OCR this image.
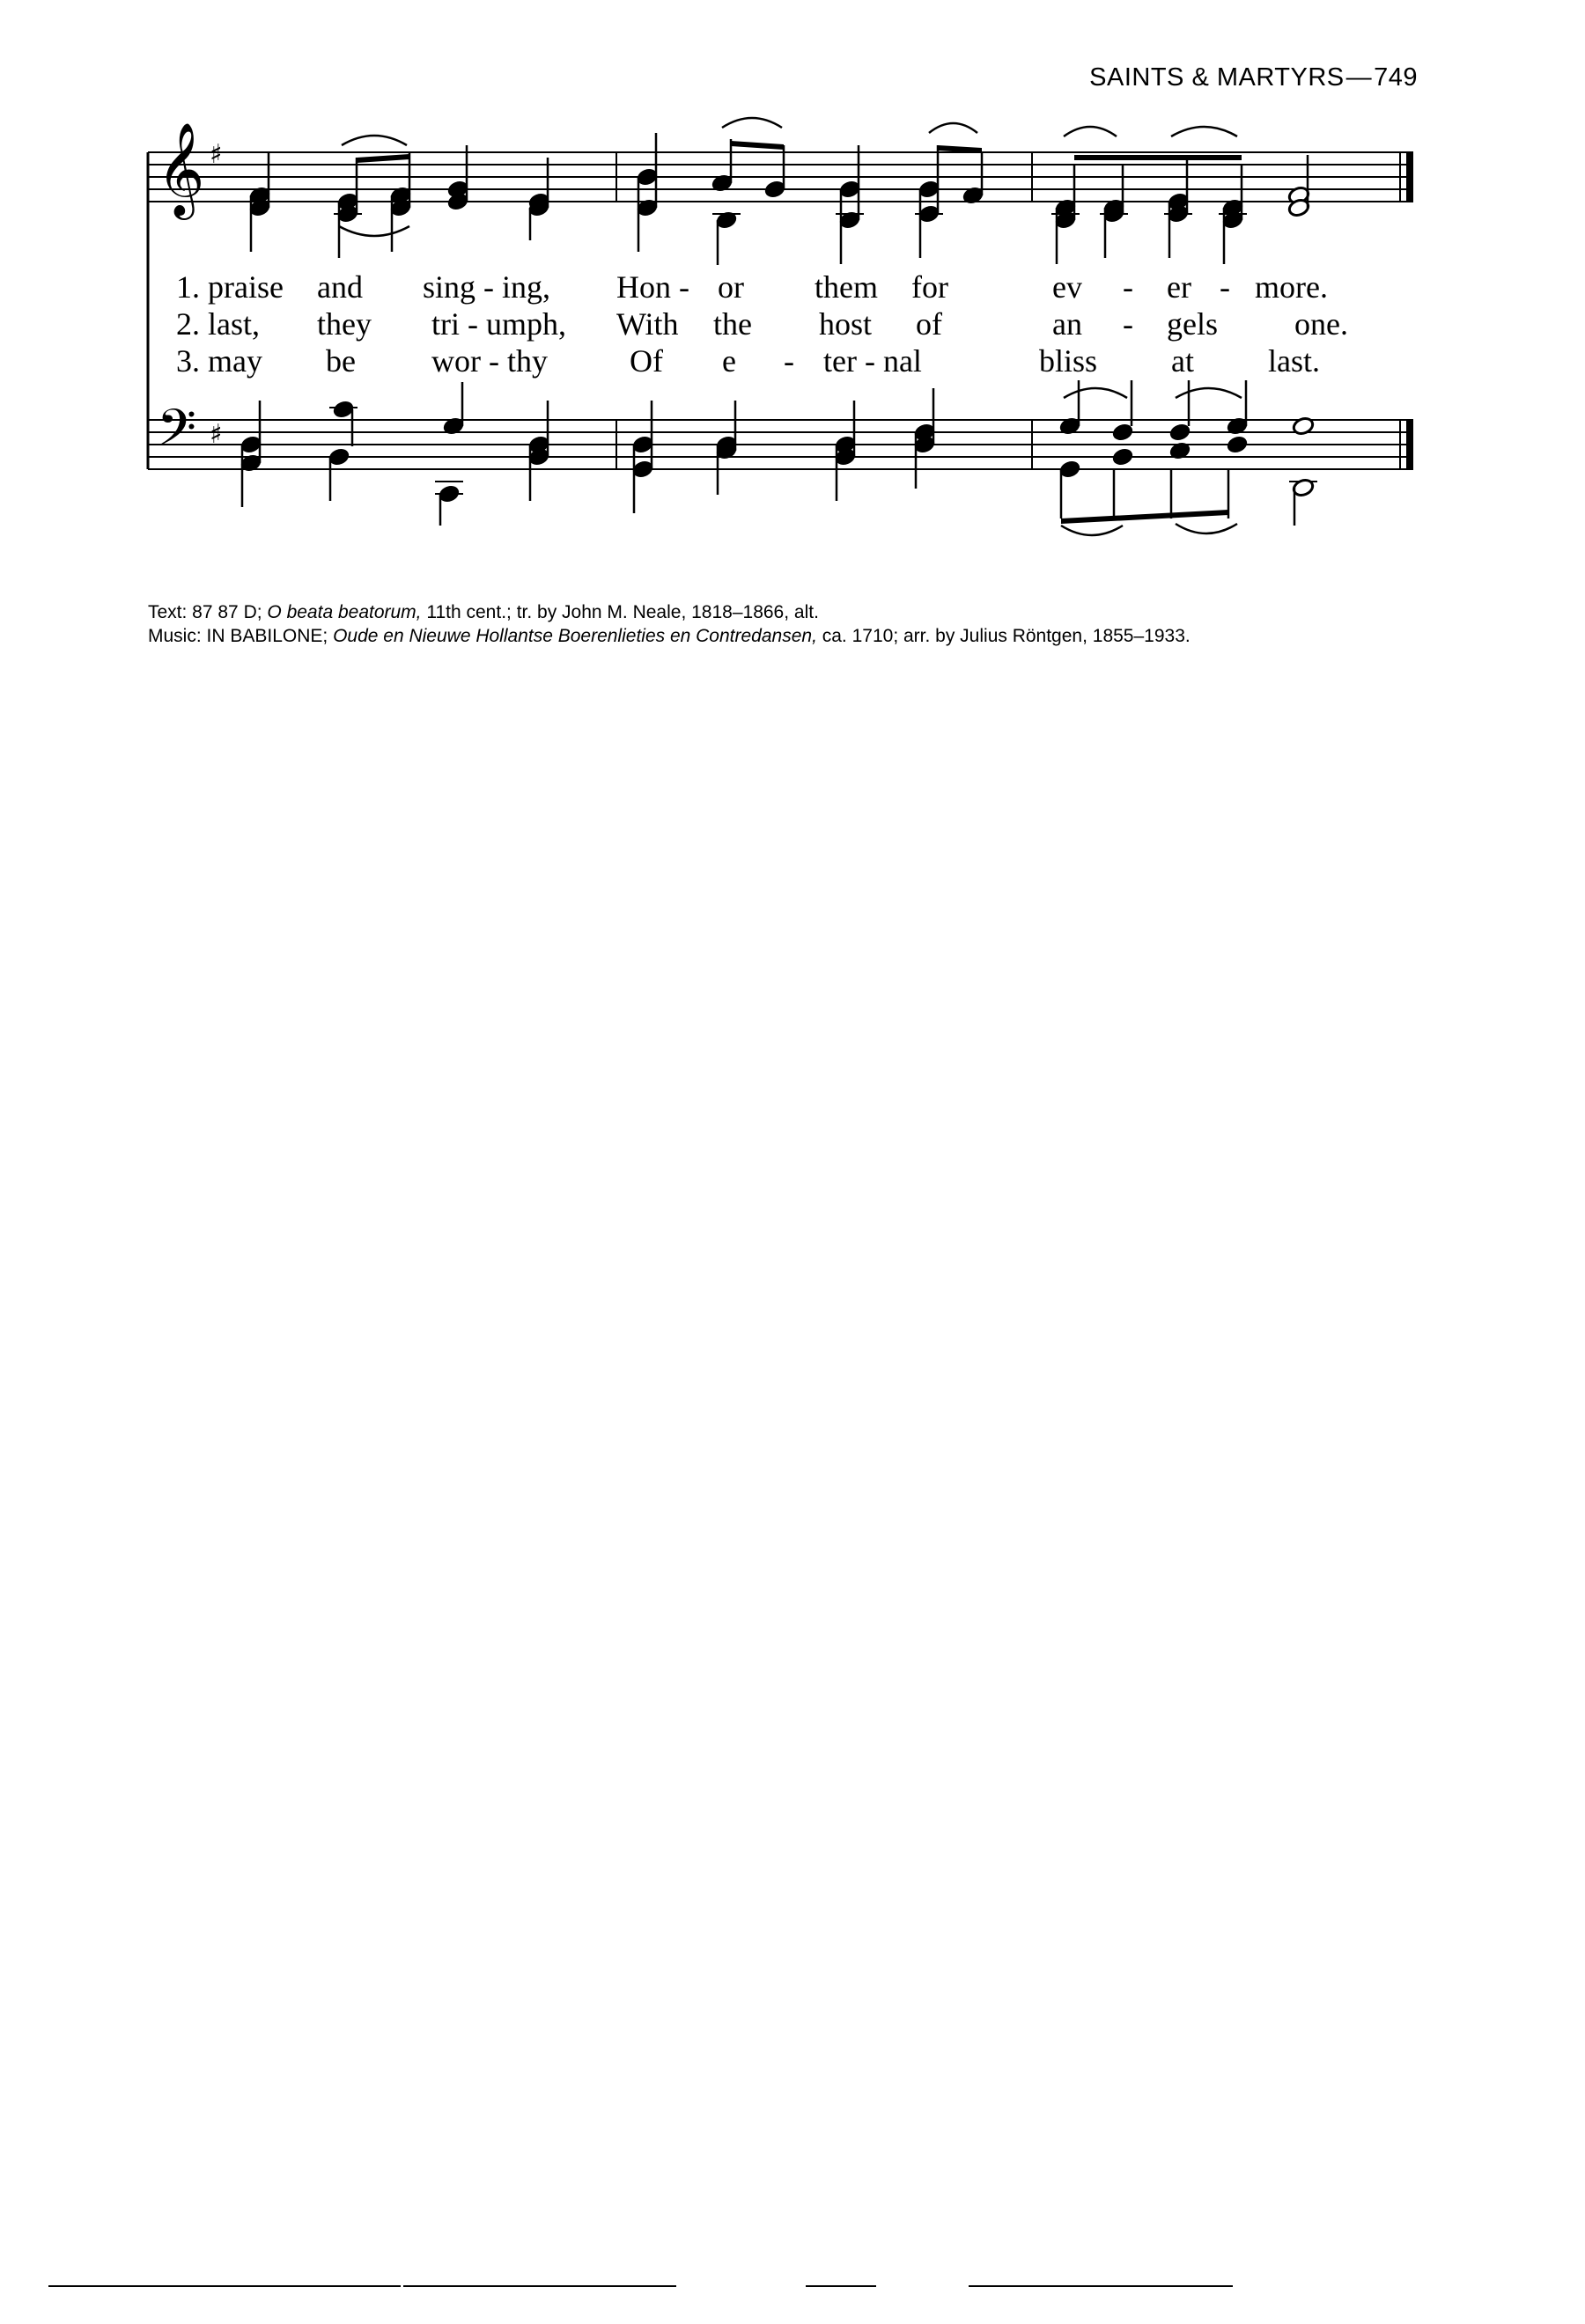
SAINTS & MARTYRS—749
𝄞
𝄢
♯
♯
1. praise and sing - ing, Hon - or them for	ev - er - more.
2. last, they tri - umph, With the host of	an - gels one.
3. may be wor - thy	Of e - ter - nal	bliss at last.
Text: 87 87 D; O beata beatorum, 11th cent.; tr. by John M. Neale, 1818–1866, alt.
Music: IN BABILONE; Oude en Nieuwe Hollantse Boerenlieties en Contredansen, ca. 1710; arr. by Julius Röntgen, 1855–1933.
